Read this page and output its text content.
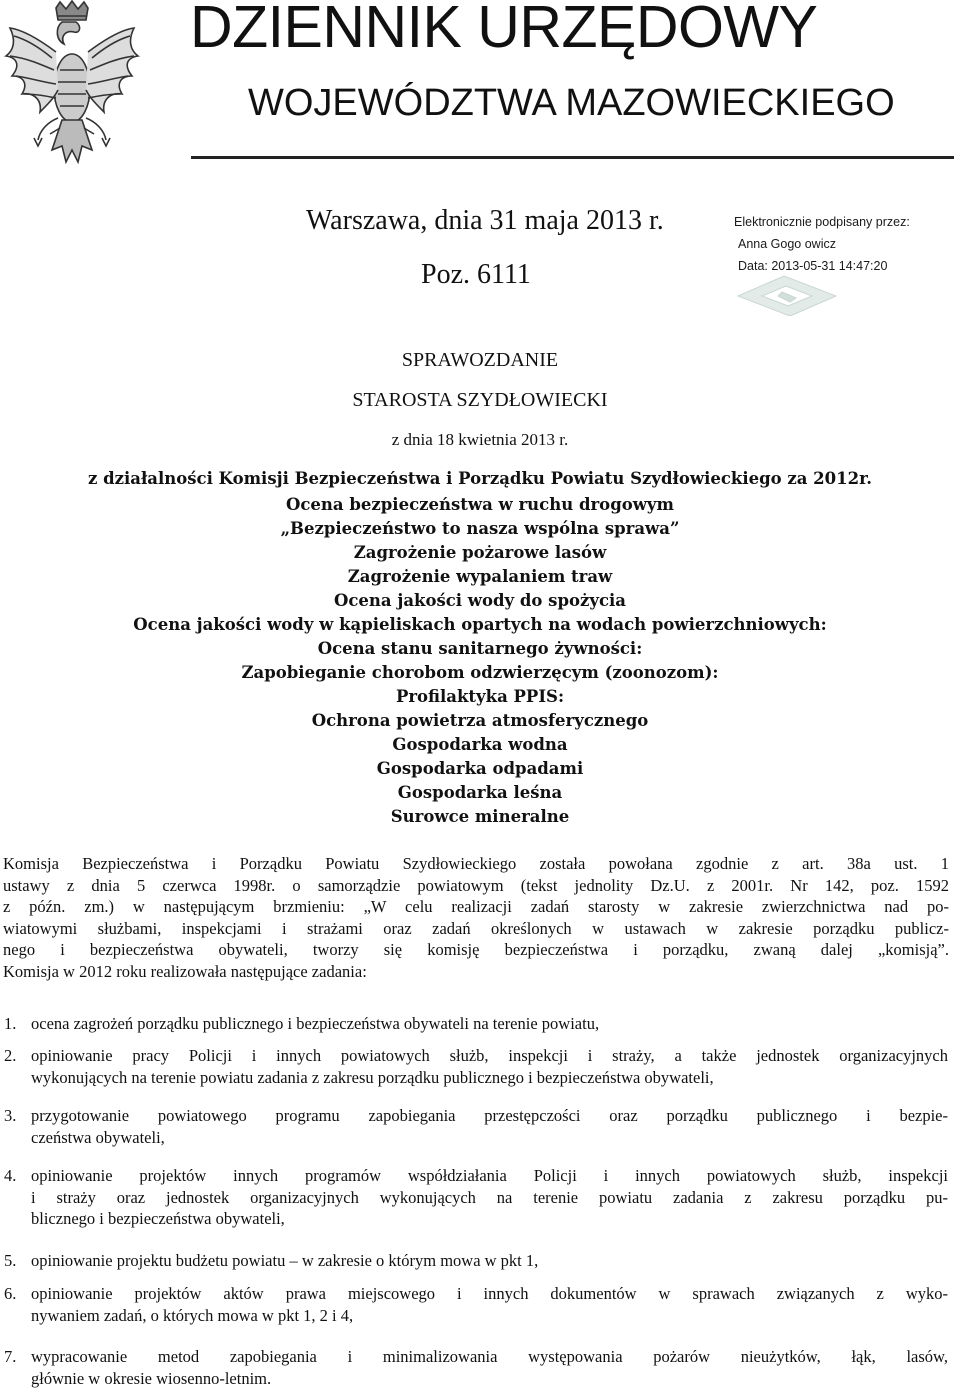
DZIENNIK URZĘDOWY
WOJEWÓDZTWA MAZOWIECKIEGO
Warszawa, dnia 31 maja 2013 r.
Poz. 6111
Elektronicznie podpisany przez:
Anna Gogo owicz
Data: 2013-05-31 14:47:20
SPRAWOZDANIE
STAROSTA SZYDŁOWIECKI
z dnia 18 kwietnia 2013 r.
z działalności Komisji Bezpieczeństwa i Porządku Powiatu Szydłowieckiego za 2012r.
Ocena bezpieczeństwa w ruchu drogowym
„Bezpieczeństwo to nasza wspólna sprawa”
Zagrożenie pożarowe lasów
Zagrożenie wypalaniem traw
Ocena jakości wody do spożycia
Ocena jakości wody w kąpieliskach opartych na wodach powierzchniowych:
Ocena stanu sanitarnego żywności:
Zapobieganie chorobom odzwierzęcym (zoonozom):
Profilaktyka PPIS:
Ochrona powietrza atmosferycznego
Gospodarka wodna
Gospodarka odpadami
Gospodarka leśna
Surowce mineralne
Komisja Bezpieczeństwa i Porządku Powiatu Szydłowieckiego została powołana zgodnie z art. 38a ust. 1
ustawy z dnia 5 czerwca 1998r. o samorządzie powiatowym (tekst jednolity Dz.U. z 2001r. Nr 142, poz. 1592
z późn. zm.) w następującym brzmieniu: „W celu realizacji zadań starosty w zakresie zwierzchnictwa nad po-
wiatowymi służbami, inspekcjami i strażami oraz zadań określonych w ustawach w zakresie porządku publicz-
nego i bezpieczeństwa obywateli, tworzy się komisję bezpieczeństwa i porządku, zwaną dalej „komisją”.
Komisja w 2012 roku realizowała następujące zadania:
1. ocena zagrożeń porządku publicznego i bezpieczeństwa obywateli na terenie powiatu,
2. opiniowanie pracy Policji i innych powiatowych służb, inspekcji i straży, a także jednostek organizacyjnych
wykonujących na terenie powiatu zadania z zakresu porządku publicznego i bezpieczeństwa obywateli,
3. przygotowanie powiatowego programu zapobiegania przestępczości oraz porządku publicznego i bezpie-
czeństwa obywateli,
4. opiniowanie projektów innych programów współdziałania Policji i innych powiatowych służb, inspekcji
i straży oraz jednostek organizacyjnych wykonujących na terenie powiatu zadania z zakresu porządku pu-
blicznego i bezpieczeństwa obywateli,
5. opiniowanie projektu budżetu powiatu – w zakresie o którym mowa w pkt 1,
6. opiniowanie projektów aktów prawa miejscowego i innych dokumentów w sprawach związanych z wyko-
nywaniem zadań, o których mowa w pkt 1, 2 i 4,
7. wypracowanie metod zapobiegania i minimalizowania występowania pożarów nieużytków, łąk, lasów,
głównie w okresie wiosenno-letnim.
